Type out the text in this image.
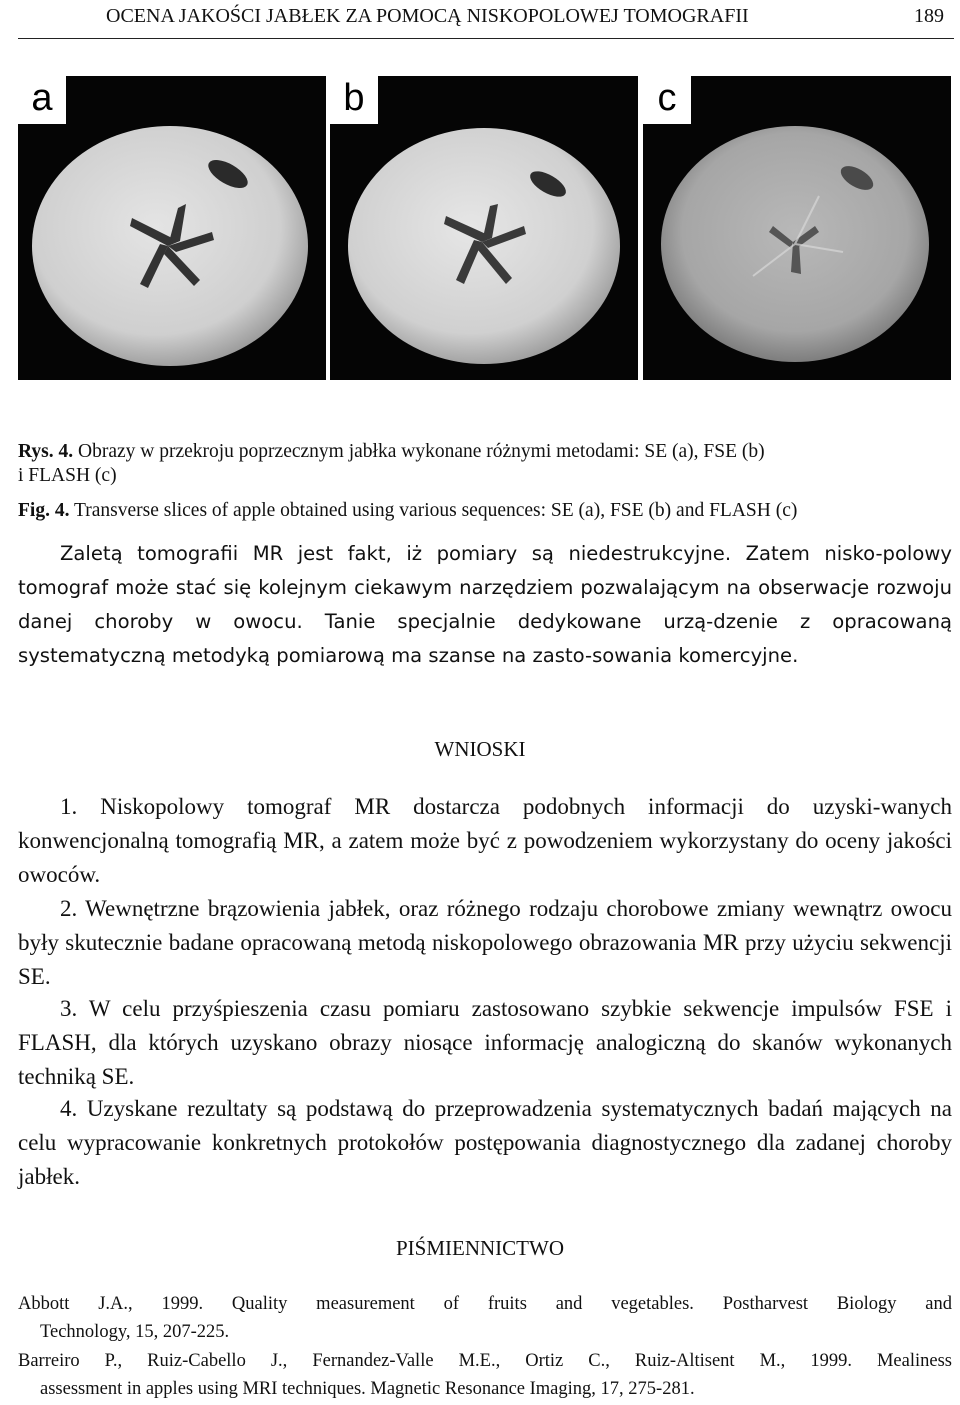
OCENA JAKOŚCI JABŁEK ZA POMOCĄ NISKOPOLOWEJ TOMOGRAFII	189
a	b	c
Rys. 4. Obrazy w przekroju poprzecznym jabłka wykonane różnymi metodami: SE (a), FSE (b)
i FLASH (c)
Fig. 4. Transverse slices of apple obtained using various sequences: SE (a), FSE (b) and FLASH (c)

Zaletą tomografii MR jest fakt, iż pomiary są niedestrukcyjne. Zatem nisko-polowy tomograf może stać się kolejnym ciekawym narzędziem pozwalającym na obserwacje rozwoju danej choroby w owocu. Tanie specjalnie dedykowane urzą-dzenie z opracowaną systematyczną metodyką pomiarową ma szanse na zasto-sowania komercyjne.

WNIOSKI

1. Niskopolowy tomograf MR dostarcza podobnych informacji do uzyski-wanych konwencjonalną tomografią MR, a zatem może być z powodzeniem wykorzystany do oceny jakości owoców.

2. Wewnętrzne brązowienia jabłek, oraz różnego rodzaju chorobowe zmiany wewnątrz owocu były skutecznie badane opracowaną metodą niskopolowego obrazowania MR przy użyciu sekwencji SE.

3. W celu przyśpieszenia czasu pomiaru zastosowano szybkie sekwencje impulsów FSE i FLASH, dla których uzyskano obrazy niosące informację analogiczną do skanów wykonanych techniką SE.

4. Uzyskane rezultaty są podstawą do przeprowadzenia systematycznych badań mających na celu wypracowanie konkretnych protokołów postępowania diagnostycznego dla zadanej choroby jabłek.

PIŚMIENNICTWO

Abbott J.A., 1999. Quality measurement of fruits and vegetables. Postharvest Biology and
Technology, 15, 207-225.

Barreiro P., Ruiz-Cabello J., Fernandez-Valle M.E., Ortiz C., Ruiz-Altisent M., 1999. Mealiness
assessment in apples using MRI techniques. Magnetic Resonance Imaging, 17, 275-281.
